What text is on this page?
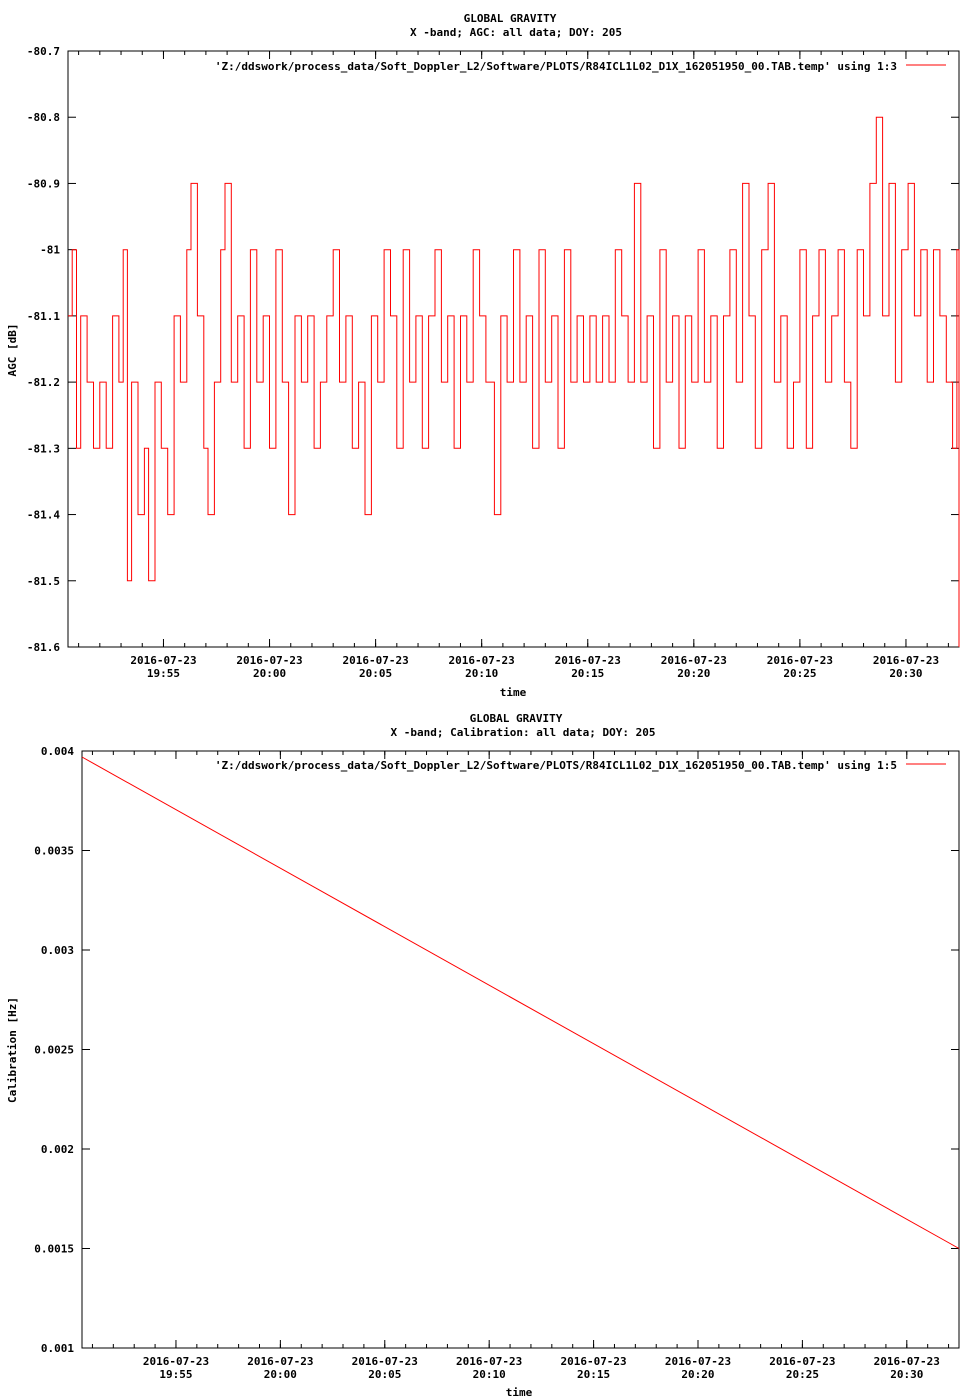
GLOBAL GRAVITY
X -band; AGC: all data; DOY: 205
-80.7
-80.8
-80.9
-81
-81.1
-81.2
-81.3
-81.4
-81.5
-81.6
2016-07-23
19:55
2016-07-23
20:00
2016-07-23
20:05
2016-07-23
20:10
2016-07-23
20:15
2016-07-23
20:20
2016-07-23
20:25
2016-07-23
20:30
time
AGC [dB]
'Z:/ddswork/process_data/Soft_Doppler_L2/Software/PLOTS/R84ICL1L02_D1X_162051950_00.TAB.temp' using 1:3
GLOBAL GRAVITY
X -band; Calibration: all data; DOY: 205
0.004
0.0035
0.003
0.0025
0.002
0.0015
0.001
2016-07-23
19:55
2016-07-23
20:00
2016-07-23
20:05
2016-07-23
20:10
2016-07-23
20:15
2016-07-23
20:20
2016-07-23
20:25
2016-07-23
20:30
time
Calibration [Hz]
'Z:/ddswork/process_data/Soft_Doppler_L2/Software/PLOTS/R84ICL1L02_D1X_162051950_00.TAB.temp' using 1:5
